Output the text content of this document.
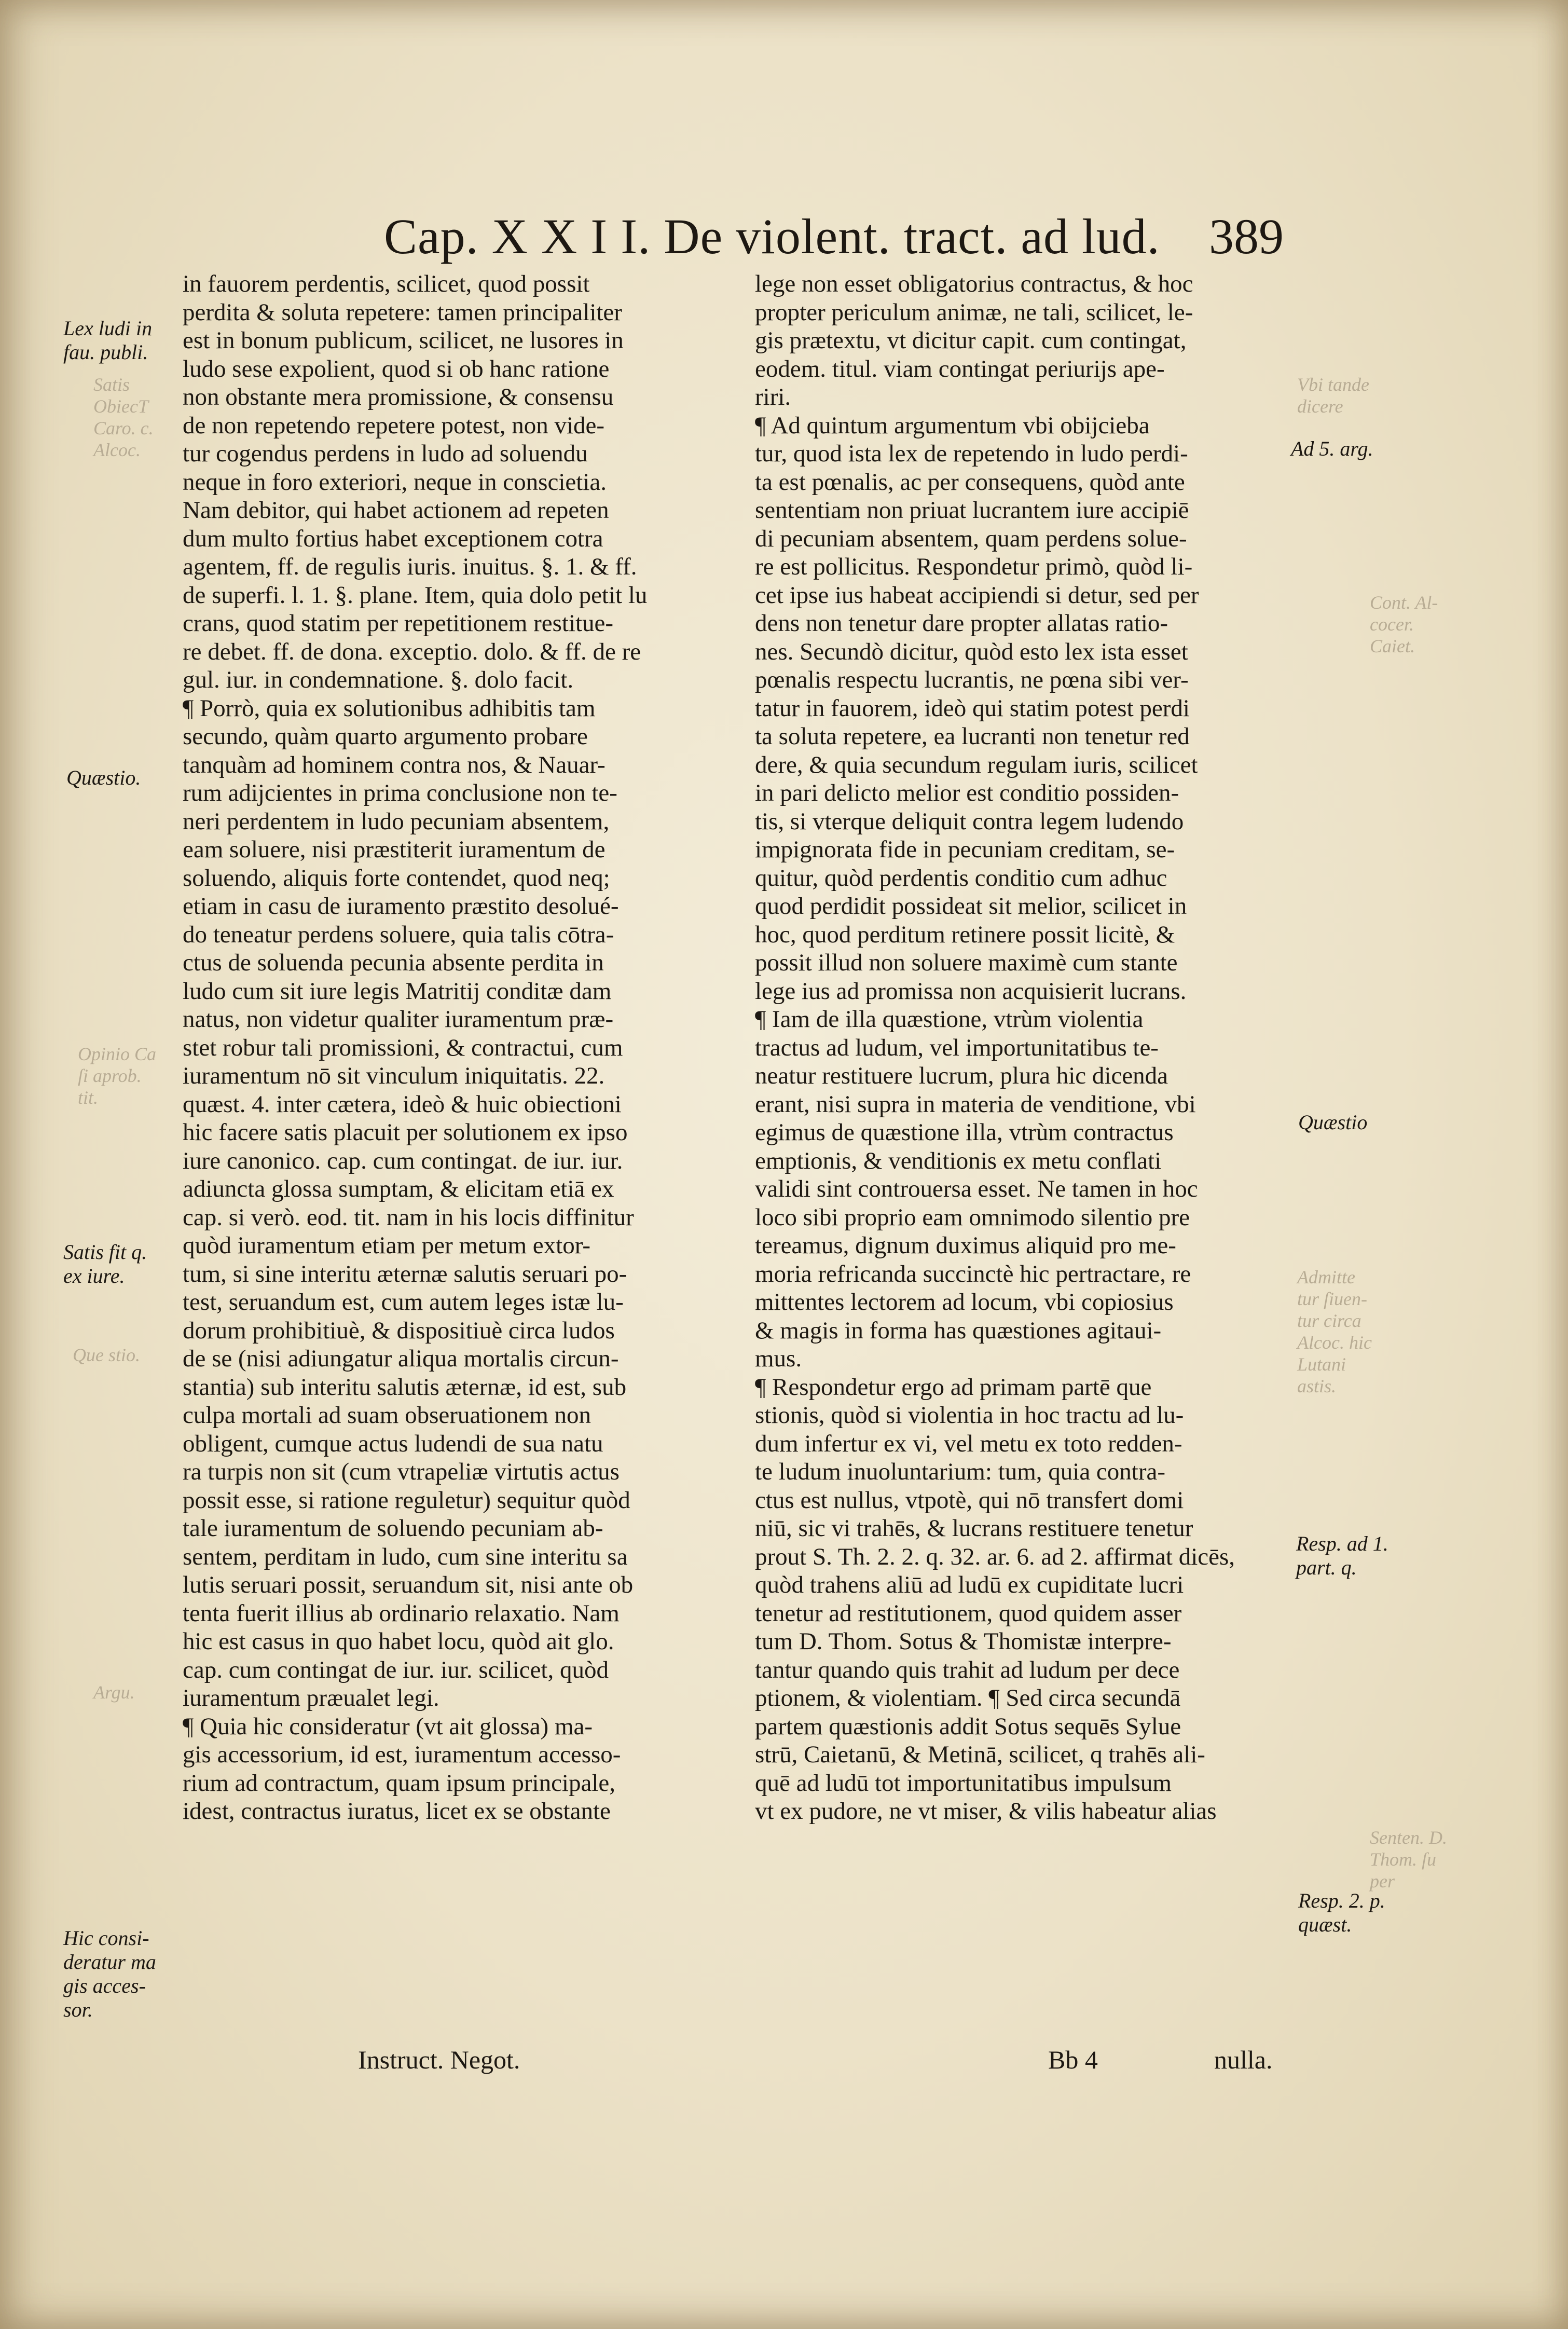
Cap. X X I I. De violent. tract. ad lud. 389
in fauorem perdentis, scilicet, quod possit
perdita & soluta repetere: tamen principaliter
est in bonum publicum, scilicet, ne lusores in
ludo sese expolient, quod si ob hanc ratione
non obstante mera promissione, & consensu
de non repetendo repetere potest, non vide-
tur cogendus perdens in ludo ad soluendu
neque in foro exteriori, neque in conscietia.
Nam debitor, qui habet actionem ad repeten
dum multo fortius habet exceptionem cotra
agentem, ff. de regulis iuris. inuitus. §. 1. & ff.
de superfi. l. 1. §. plane. Item, quia dolo petit lu
crans, quod statim per repetitionem restitue-
re debet. ff. de dona. exceptio. dolo. & ff. de re
gul. iur. in condemnatione. §. dolo facit.
¶ Porrò, quia ex solutionibus adhibitis tam
secundo, quàm quarto argumento probare
tanquàm ad hominem contra nos, & Nauar-
rum adijcientes in prima conclusione non te-
neri perdentem in ludo pecuniam absentem,
eam soluere, nisi præstiterit iuramentum de
soluendo, aliquis forte contendet, quod neq;
etiam in casu de iuramento præstito desolué-
do teneatur perdens soluere, quia talis cōtra-
ctus de soluenda pecunia absente perdita in
ludo cum sit iure legis Matritij conditæ dam
natus, non videtur qualiter iuramentum præ-
stet robur tali promissioni, & contractui, cum
iuramentum nō sit vinculum iniquitatis. 22.
quæst. 4. inter cætera, ideò & huic obiectioni
hic facere satis placuit per solutionem ex ipso
iure canonico. cap. cum contingat. de iur. iur.
adiuncta glossa sumptam, & elicitam etiā ex
cap. si verò. eod. tit. nam in his locis diffinitur
quòd iuramentum etiam per metum extor-
tum, si sine interitu æternæ salutis seruari po-
test, seruandum est, cum autem leges istæ lu-
dorum prohibitiuè, & dispositiuè circa ludos
de se (nisi adiungatur aliqua mortalis circun-
stantia) sub interitu salutis æternæ, id est, sub
culpa mortali ad suam obseruationem non
obligent, cumque actus ludendi de sua natu
ra turpis non sit (cum vtrapeliæ virtutis actus
possit esse, si ratione reguletur) sequitur quòd
tale iuramentum de soluendo pecuniam ab-
sentem, perditam in ludo, cum sine interitu sa
lutis seruari possit, seruandum sit, nisi ante ob
tenta fuerit illius ab ordinario relaxatio. Nam
hic est casus in quo habet locu, quòd ait glo.
cap. cum contingat de iur. iur. scilicet, quòd
iuramentum præualet legi.
¶ Quia hic consideratur (vt ait glossa) ma-
gis accessorium, id est, iuramentum accesso-
rium ad contractum, quam ipsum principale,
idest, contractus iuratus, licet ex se obstante
lege non esset obligatorius contractus, & hoc
propter periculum animæ, ne tali, scilicet, le-
gis prætextu, vt dicitur capit. cum contingat,
eodem. titul. viam contingat periurijs ape-
riri.
¶ Ad quintum argumentum vbi obijcieba
tur, quod ista lex de repetendo in ludo perdi-
ta est pœnalis, ac per consequens, quòd ante
sententiam non priuat lucrantem iure accipiē
di pecuniam absentem, quam perdens solue-
re est pollicitus. Respondetur primò, quòd li-
cet ipse ius habeat accipiendi si detur, sed per
dens non tenetur dare propter allatas ratio-
nes. Secundò dicitur, quòd esto lex ista esset
pœnalis respectu lucrantis, ne pœna sibi ver-
tatur in fauorem, ideò qui statim potest perdi
ta soluta repetere, ea lucranti non tenetur red
dere, & quia secundum regulam iuris, scilicet
in pari delicto melior est conditio possiden-
tis, si vterque deliquit contra legem ludendo
impignorata fide in pecuniam creditam, se-
quitur, quòd perdentis conditio cum adhuc
quod perdidit possideat sit melior, scilicet in
hoc, quod perditum retinere possit licitè, &
possit illud non soluere maximè cum stante
lege ius ad promissa non acquisierit lucrans.
¶ Iam de illa quæstione, vtrùm violentia
tractus ad ludum, vel importunitatibus te-
neatur restituere lucrum, plura hic dicenda
erant, nisi supra in materia de venditione, vbi
egimus de quæstione illa, vtrùm contractus
emptionis, & venditionis ex metu conflati
validi sint controuersa esset. Ne tamen in hoc
loco sibi proprio eam omnimodo silentio pre
tereamus, dignum duximus aliquid pro me-
moria refricanda succinctè hic pertractare, re
mittentes lectorem ad locum, vbi copiosius
& magis in forma has quæstiones agitaui-
mus.
¶ Respondetur ergo ad primam partē que
stionis, quòd si violentia in hoc tractu ad lu-
dum infertur ex vi, vel metu ex toto redden-
te ludum inuoluntarium: tum, quia contra-
ctus est nullus, vtpotè, qui nō transfert domi
niū, sic vi trahēs, & lucrans restituere tenetur
prout S. Th. 2. 2. q. 32. ar. 6. ad 2. affirmat dicēs,
quòd trahens aliū ad ludū ex cupiditate lucri
tenetur ad restitutionem, quod quidem asser
tum D. Thom. Sotus & Thomistæ interpre-
tantur quando quis trahit ad ludum per dece
ptionem, & violentiam. ¶ Sed circa secundā
partem quæstionis addit Sotus sequēs Sylue
strū, Caietanū, & Metinā, scilicet, q trahēs ali-
quē ad ludū tot importunitatibus impulsum
vt ex pudore, ne vt miser, & vilis habeatur alias
Lex ludi in
fau. publi.
Quæstio.
Satis fit q.
ex iure.
Hic consi-
deratur ma
gis acces-
sor.
Ad 5. arg.
Quæstio
Resp. ad 1.
part. q.
Resp. 2. p.
quæst.
Vbi tande
dicere
Cont. Al-
cocer.
Caiet.
Admitte
tur ſiuen-
tur circa
Alcoc. hic
Lutani
astis.
Senten. D.
Thom. ſu
per
Satis
ObiecT
Caro. c.
Alcoc.
Opinio Ca
ſi aprob.
tit.
Que stio.
Argu.
Instruct. Negot.	Bb 4	nulla.
